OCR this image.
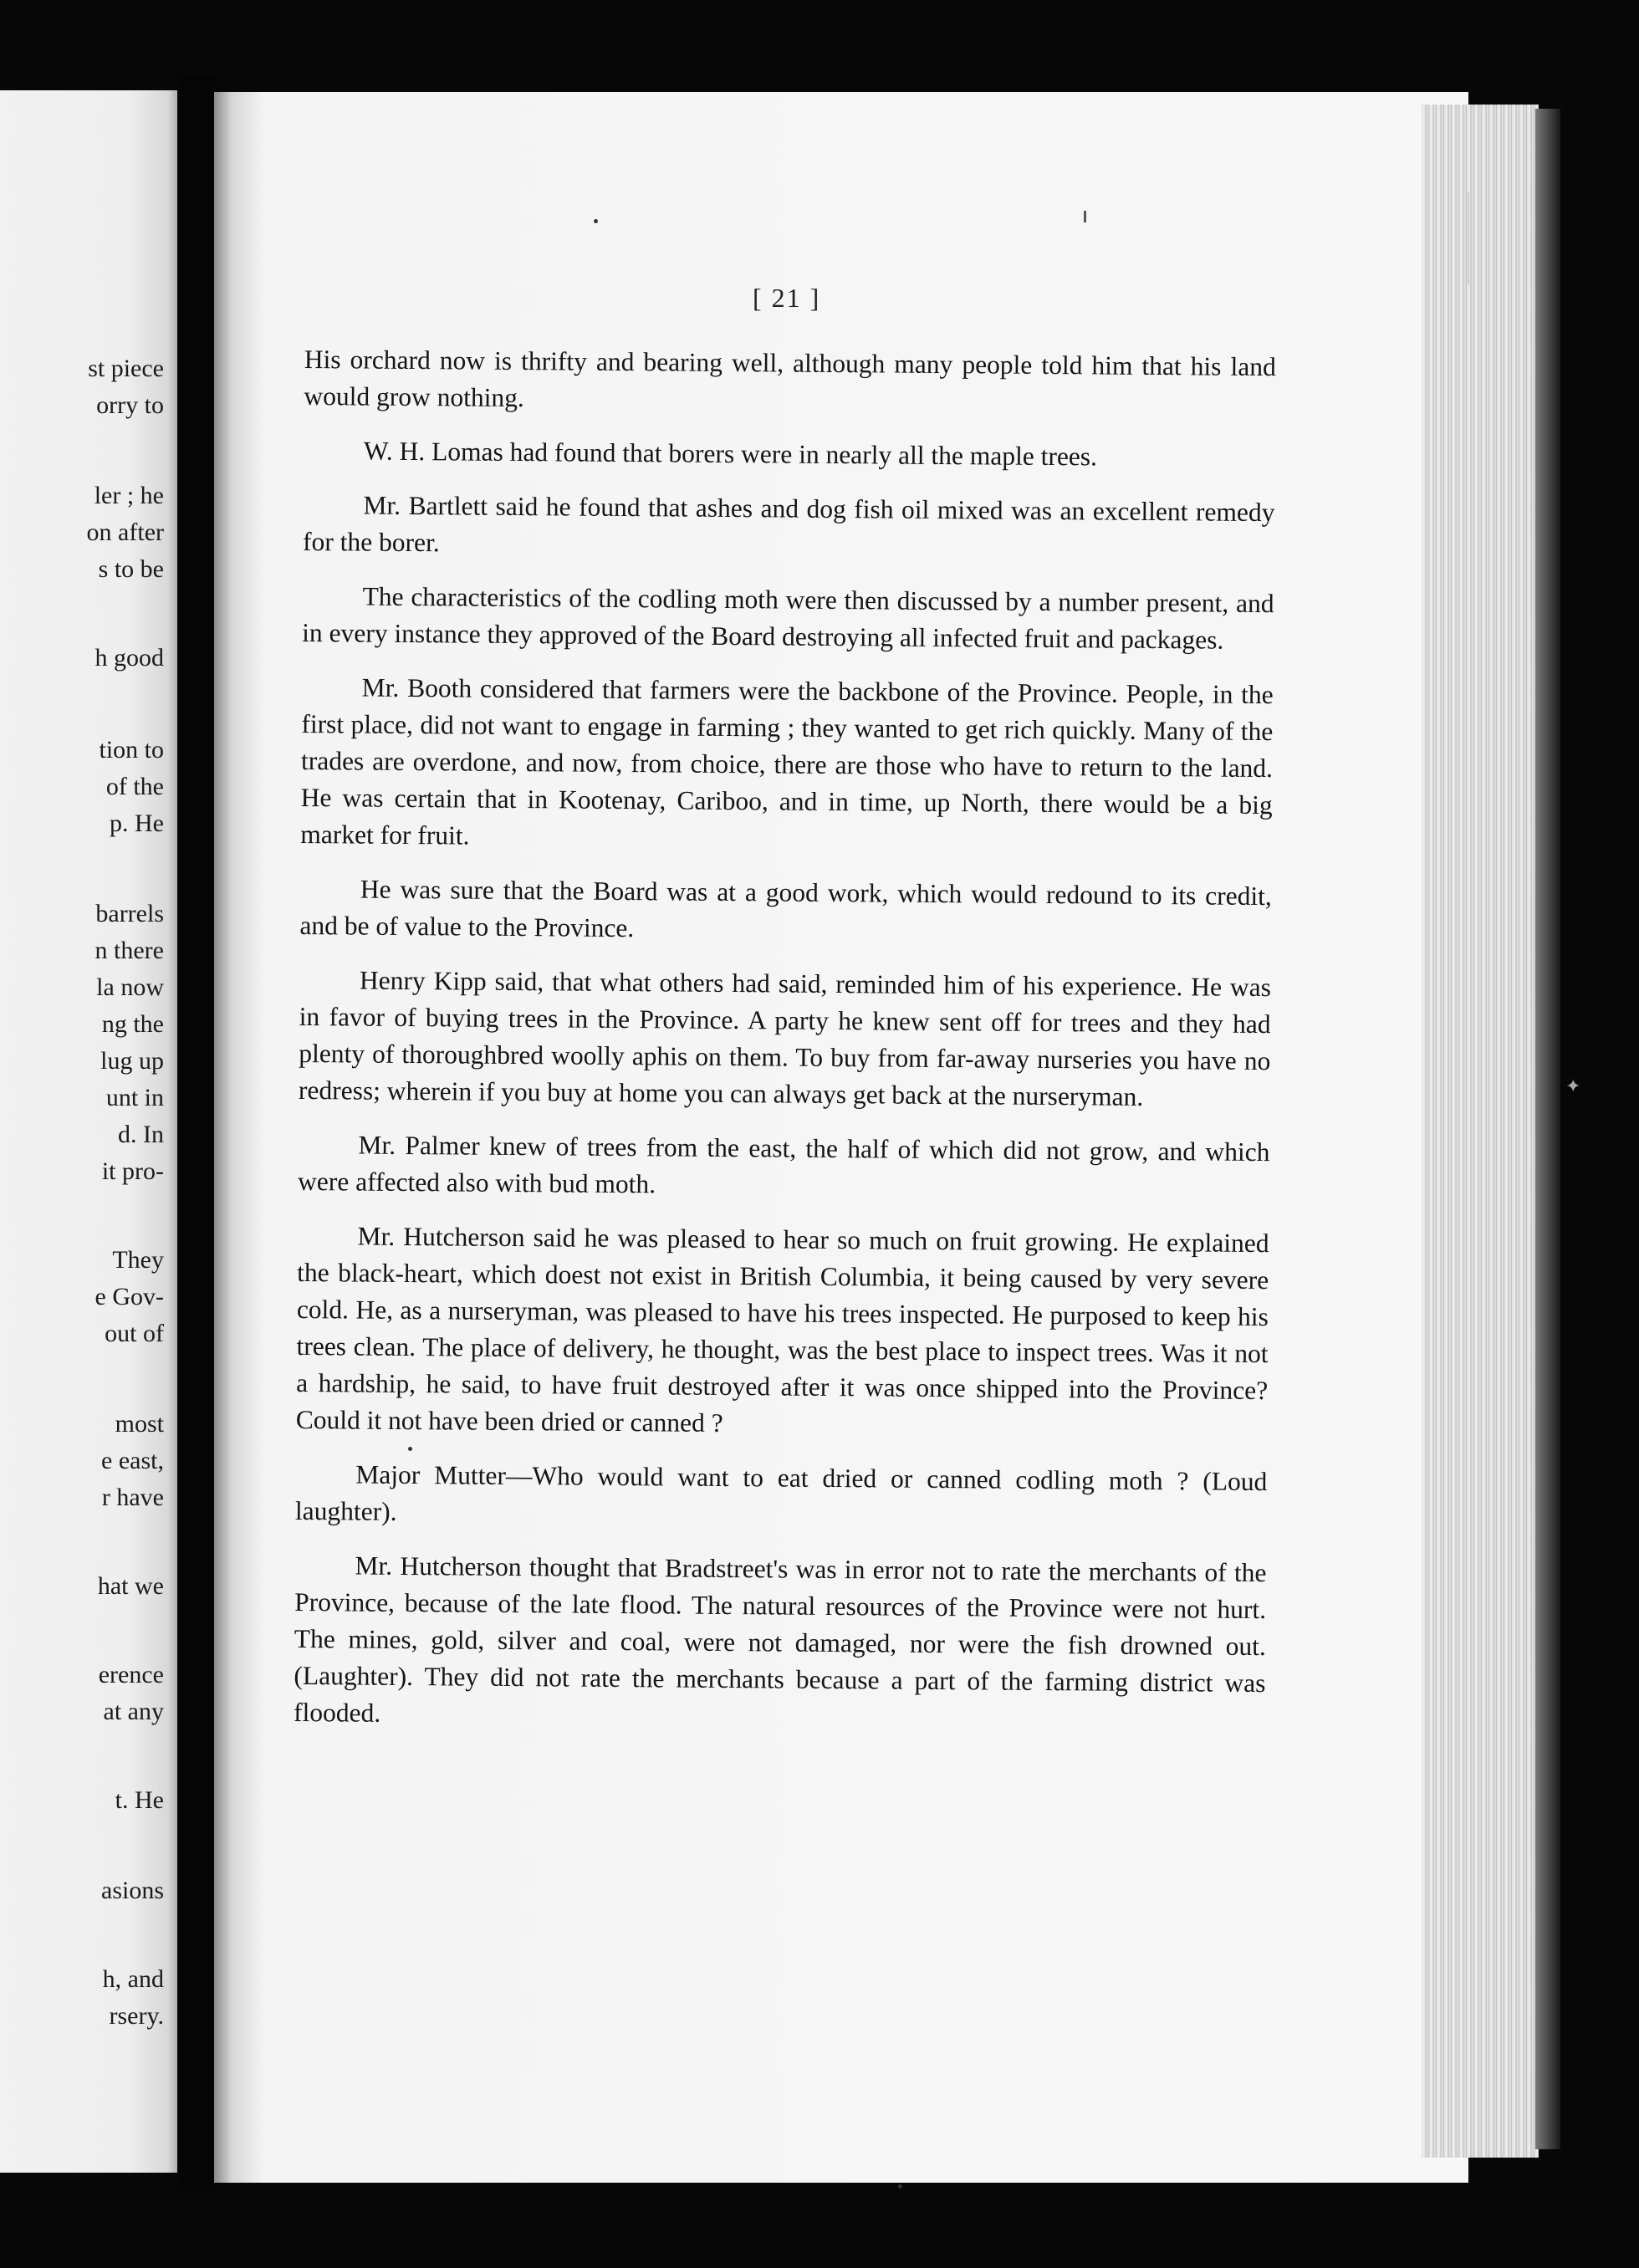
st piece

orry to

ler ; he

on after

s to be

h good

tion to

of the

p. He

barrels

n there

la now

ng the

lug up

unt in

d. In

it pro-

They

e Gov-

out of

most

e east,

r have

hat we

erence

at any

t. He

asions

h, and

rsery.

✦

[ 21 ]

His orchard now is thrifty and bearing well, although many people told him that his land would grow nothing.

W. H. Lomas had found that borers were in nearly all the maple trees.

Mr. Bartlett said he found that ashes and dog fish oil mixed was an excellent remedy for the borer.

The characteristics of the codling moth were then discussed by a number present, and in every instance they approved of the Board destroying all infected fruit and packages.

Mr. Booth considered that farmers were the backbone of the Province. People, in the first place, did not want to engage in farming ; they wanted to get rich quickly. Many of the trades are overdone, and now, from choice, there are those who have to return to the land. He was certain that in Kootenay, Cariboo, and in time, up North, there would be a big market for fruit.

He was sure that the Board was at a good work, which would redound to its credit, and be of value to the Province.

Henry Kipp said, that what others had said, reminded him of his experience. He was in favor of buying trees in the Province. A party he knew sent off for trees and they had plenty of thoroughbred woolly aphis on them. To buy from far-away nurseries you have no redress; wherein if you buy at home you can always get back at the nurseryman.

Mr. Palmer knew of trees from the east, the half of which did not grow, and which were affected also with bud moth.

Mr. Hutcherson said he was pleased to hear so much on fruit growing. He explained the black-heart, which doest not exist in British Columbia, it being caused by very severe cold. He, as a nurseryman, was pleased to have his trees inspected. He purposed to keep his trees clean. The place of delivery, he thought, was the best place to inspect trees. Was it not a hardship, he said, to have fruit destroyed after it was once shipped into the Province? Could it not have been dried or canned ?

Major Mutter—Who would want to eat dried or canned codling moth ? (Loud laughter).

Mr. Hutcherson thought that Bradstreet's was in error not to rate the merchants of the Province, because of the late flood. The natural resources of the Province were not hurt. The mines, gold, silver and coal, were not damaged, nor were the fish drowned out. (Laughter). They did not rate the merchants because a part of the farming district was flooded.
